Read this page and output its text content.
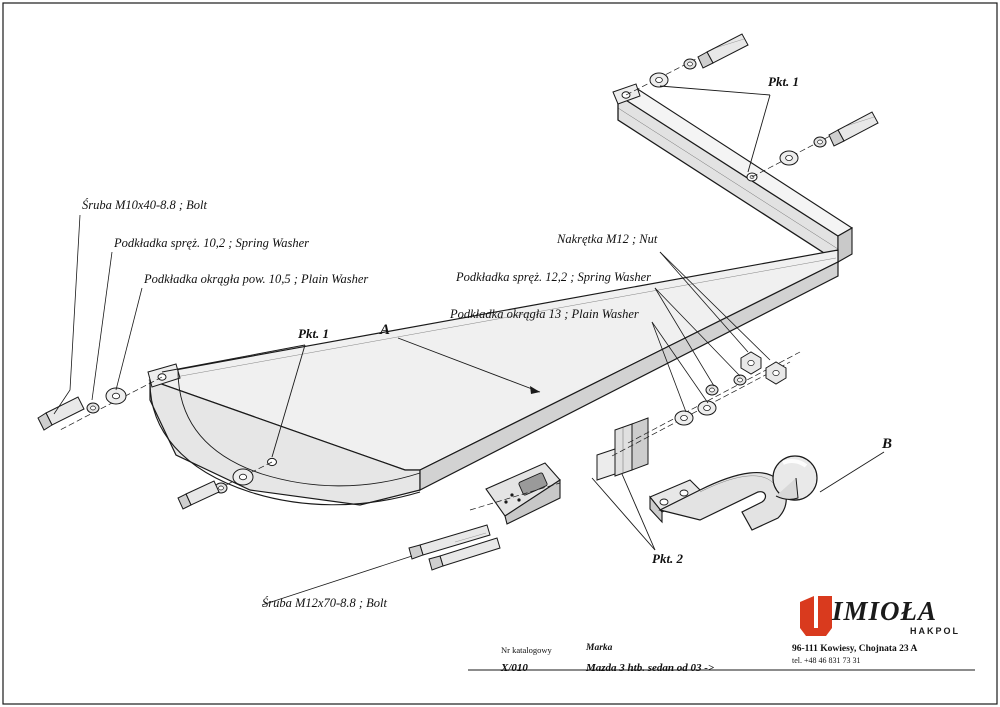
Śruba M10x40-8.8 ; Bolt
Podkładka spręż. 10,2 ; Spring Washer
Podkładka okrągła pow. 10,5 ; Plain Washer
Nakrętka M12 ; Nut
Podkładka spręż. 12,2 ; Spring Washer
Podkładka okrągła 13 ; Plain Washer
Śruba M12x70-8.8 ; Bolt
Pkt. 1
Pkt. 1
Pkt. 2
A
B
Nr katalogowy
X/010
Marka
Mazda 3 htb. sedan od 03 ->
IMIOŁA
HAKPOL
96-111 Kowiesy, Chojnata 23 A
tel. +48 46 831 73 31
